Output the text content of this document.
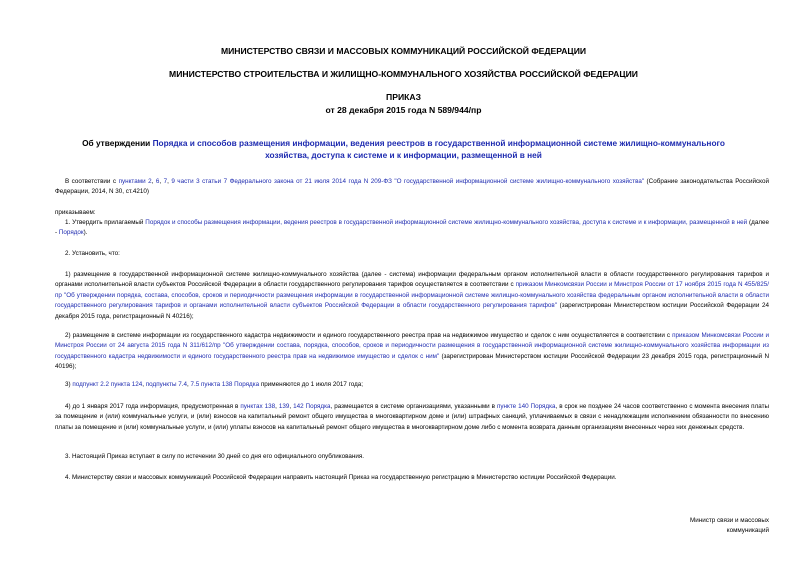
МИНИСТЕРСТВО СВЯЗИ И МАССОВЫХ КОММУНИКАЦИЙ РОССИЙСКОЙ ФЕДЕРАЦИИ
МИНИСТЕРСТВО СТРОИТЕЛЬСТВА И ЖИЛИЩНО-КОММУНАЛЬНОГО ХОЗЯЙСТВА РОССИЙСКОЙ ФЕДЕРАЦИИ
ПРИКАЗ
от 28 декабря 2015 года N 589/944/пр
Об утверждении Порядка и способов размещения информации, ведения реестров в государственной информационной системе жилищно-коммунального хозяйства, доступа к системе и к информации, размещенной в ней
В соответствии с пунктами 2, 6, 7, 9 части 3 статьи 7 Федерального закона от 21 июля 2014 года N 209-ФЗ "О государственной информационной системе жилищно-коммунального хозяйства" (Собрание законодательства Российской Федерации, 2014, N 30, ст.4210)
приказываем:
1. Утвердить прилагаемый Порядок и способы размещения информации, ведения реестров в государственной информационной системе жилищно-коммунального хозяйства, доступа к системе и к информации, размещенной в ней (далее - Порядок).
2. Установить, что:
1) размещение в государственной информационной системе жилищно-коммунального хозяйства (далее - система) информации федеральным органом исполнительной власти в области государственного регулирования тарифов и органами исполнительной власти субъектов Российской Федерации в области государственного регулирования тарифов осуществляется в соответствии с приказом Минкомсвязи России и Минстроя России от 17 ноября 2015 года N 455/825/пр "Об утверждении порядка, состава, способов, сроков и периодичности размещения информации в государственной информационной системе жилищно-коммунального хозяйства федеральным органом исполнительной власти в области государственного регулирования тарифов и органами исполнительной власти субъектов Российской Федерации в области государственного регулирования тарифов" (зарегистрирован Министерством юстиции Российской Федерации 24 декабря 2015 года, регистрационный N 40216);
2) размещение в системе информации из государственного кадастра недвижимости и единого государственного реестра прав на недвижимое имущество и сделок с ним осуществляется в соответствии с приказом Минкомсвязи России и Минстроя России от 24 августа 2015 года N 311/612/пр "Об утверждении состава, порядка, способов, сроков и периодичности размещения в государственной информационной системе жилищно-коммунального хозяйства информации из государственного кадастра недвижимости и единого государственного реестра прав на недвижимое имущество и сделок с ним" (зарегистрирован Министерством юстиции Российской Федерации 23 декабря 2015 года, регистрационный N 40196);
3) подпункт 2.2 пункта 124, подпункты 7.4, 7.5 пункта 138 Порядка применяются до 1 июля 2017 года;
4) до 1 января 2017 года информация, предусмотренная в пунктах 138, 139, 142 Порядка, размещается в системе организациями, указанными в пункте 140 Порядка, в срок не позднее 24 часов соответственно с момента внесения платы за помещение и (или) коммунальные услуги, и (или) взносов на капитальный ремонт общего имущества в многоквартирном доме и (или) штрафных санкций, уплачиваемых в связи с ненадлежащим исполнением обязанности по внесению платы за помещение и (или) коммунальные услуги, и (или) уплаты взносов на капитальный ремонт общего имущества в многоквартирном доме либо с момента возврата данным организациям внесенных через них денежных средств.
3. Настоящий Приказ вступает в силу по истечении 30 дней со дня его официального опубликования.
4. Министерству связи и массовых коммуникаций Российской Федерации направить настоящий Приказ на государственную регистрацию в Министерство юстиции Российской Федерации.
Министр связи и массовых
коммуникаций
